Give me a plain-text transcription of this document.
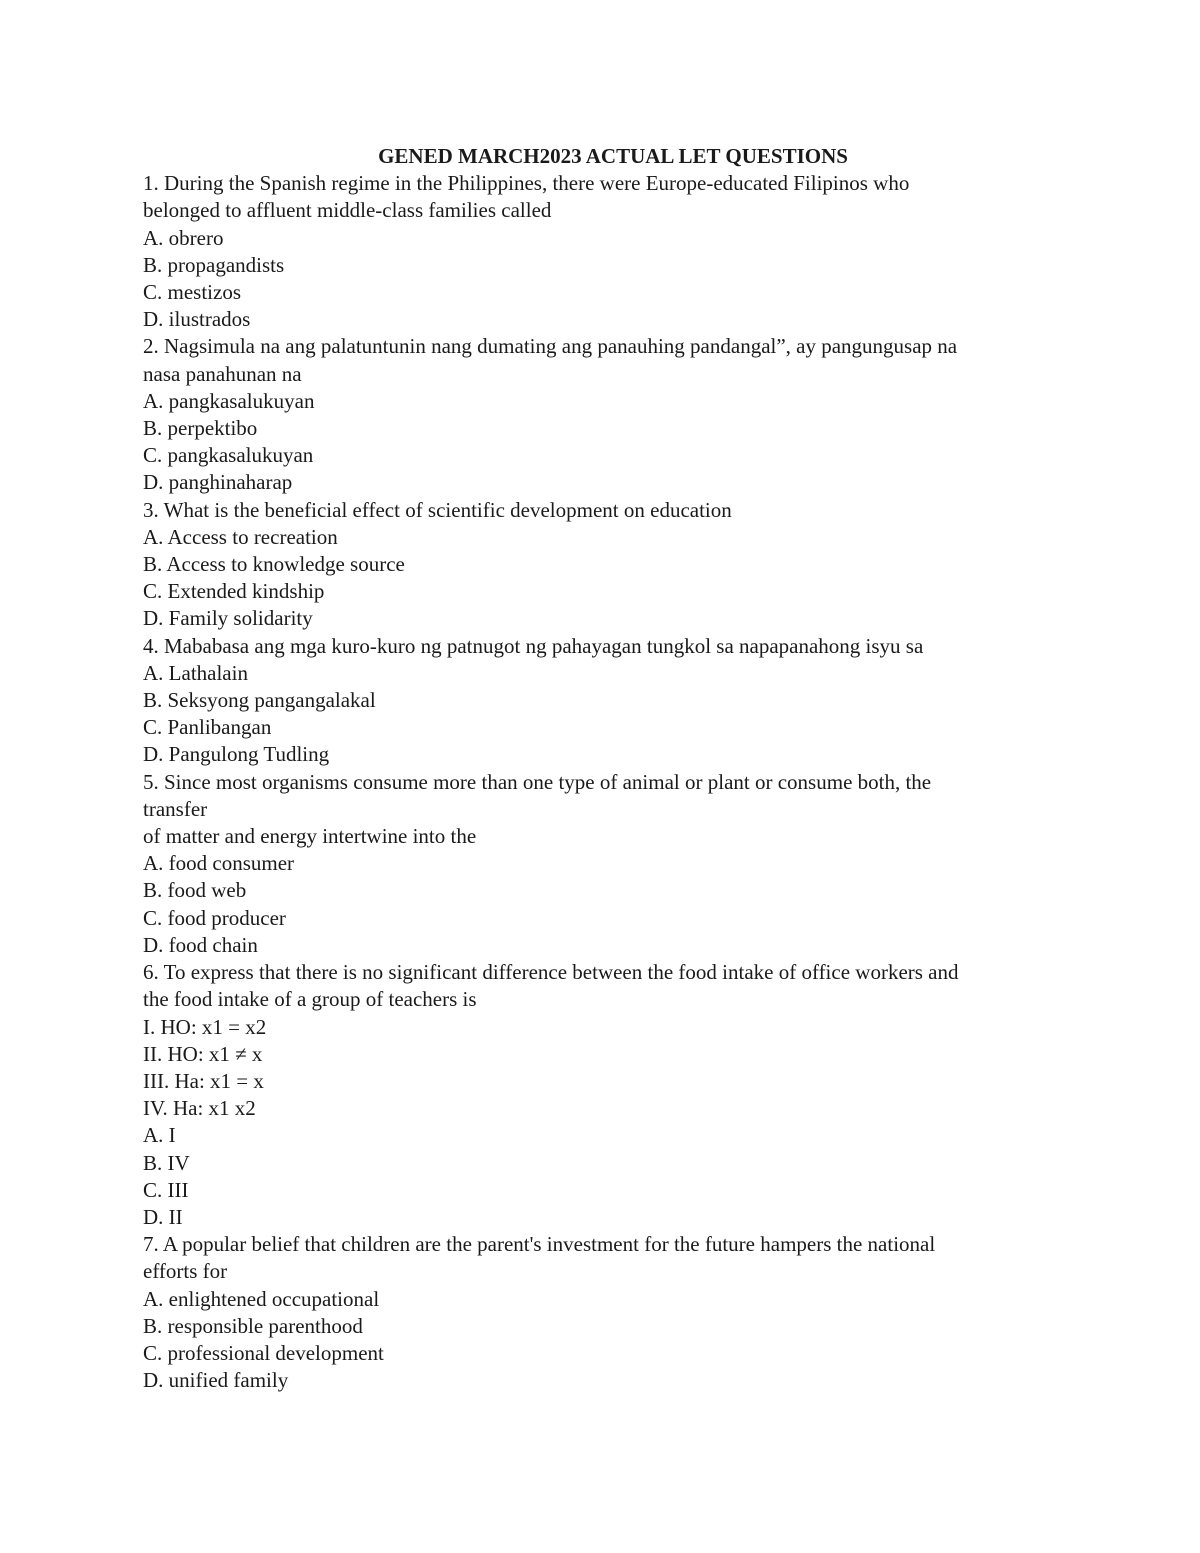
GENED MARCH2023 ACTUAL LET QUESTIONS
1. During the Spanish regime in the Philippines, there were Europe-educated Filipinos who
belonged to affluent middle-class families called
A. obrero
B. propagandists
C. mestizos
D. ilustrados
2. Nagsimula na ang palatuntunin nang dumating ang panauhing pandangal”, ay pangungusap na
nasa panahunan na
A. pangkasalukuyan
B. perpektibo
C. pangkasalukuyan
D. panghinaharap
3. What is the beneficial effect of scientific development on education
A. Access to recreation
B. Access to knowledge source
C. Extended kindship
D. Family solidarity
4. Mababasa ang mga kuro-kuro ng patnugot ng pahayagan tungkol sa napapanahong isyu sa
A. Lathalain
B. Seksyong pangangalakal
C. Panlibangan
D. Pangulong Tudling
5. Since most organisms consume more than one type of animal or plant or consume both, the
transfer
of matter and energy intertwine into the
A. food consumer
B. food web
C. food producer
D. food chain
6. To express that there is no significant difference between the food intake of office workers and
the food intake of a group of teachers is
I. HO: x1 = x2
II. HO: x1 ≠ x
III. Ha: x1 = x
IV. Ha: x1 x2
A. I
B. IV
C. III
D. II
7. A popular belief that children are the parent's investment for the future hampers the national
efforts for
A. enlightened occupational
B. responsible parenthood
C. professional development
D. unified family
